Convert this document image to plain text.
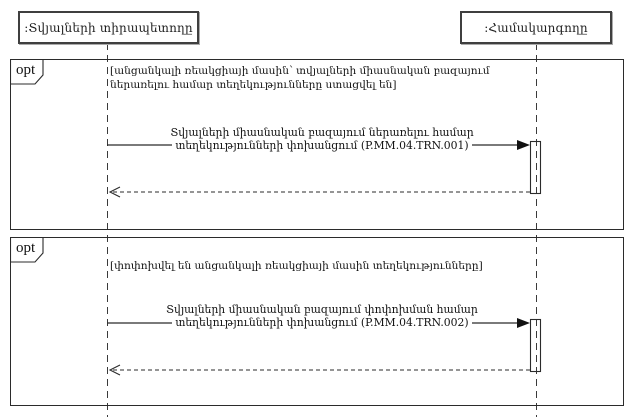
:Տվյալների տիրապետողը	:Համակարգողը
opt
opt
[անցանկալի ռեակցիայի մասին՝ տվյալների միասնական բազայում
ներառելու համար տեղեկությունները ստացվել են]
[փոփոխվել են անցանկալի ռեակցիայի մասին տեղեկությունները]
Տվյալների միասնական բազայում ներառելու համար
տեղեկությունների փոխանցում (P.MM.04.TRN.001)
Տվյալների միասնական բազայում փոփոխման համար
տեղեկությունների փոխանցում (P.MM.04.TRN.002)
